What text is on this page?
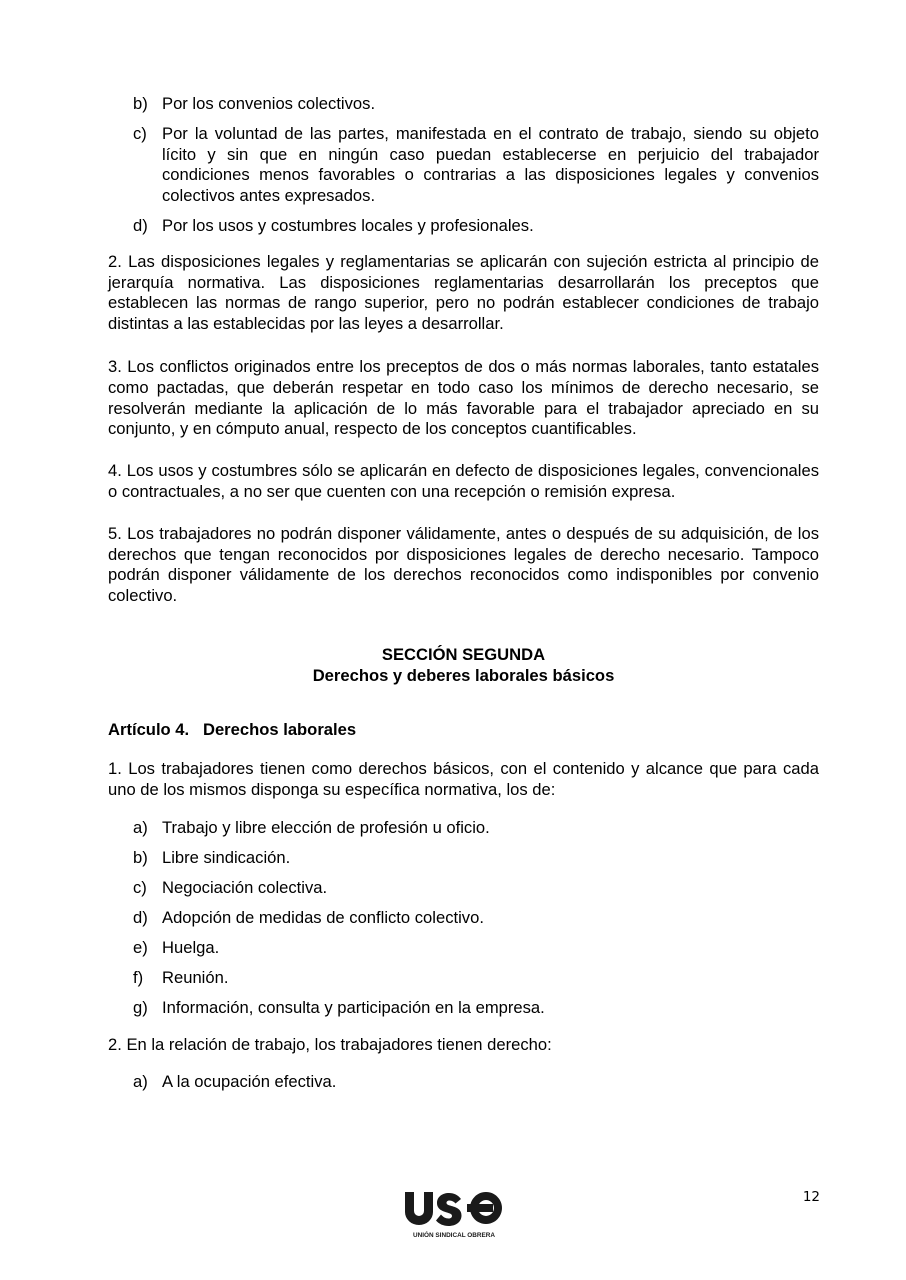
b) Por los convenios colectivos.
c) Por la voluntad de las partes, manifestada en el contrato de trabajo, siendo su objeto lícito y sin que en ningún caso puedan establecerse en perjuicio del trabajador condiciones menos favorables o contrarias a las disposiciones legales y convenios colectivos antes expresados.
d) Por los usos y costumbres locales y profesionales.

2. Las disposiciones legales y reglamentarias se aplicarán con sujeción estricta al principio de jerarquía normativa. Las disposiciones reglamentarias desarrollarán los preceptos que establecen las normas de rango superior, pero no podrán establecer condiciones de trabajo distintas a las establecidas por las leyes a desarrollar.

3. Los conflictos originados entre los preceptos de dos o más normas laborales, tanto estatales como pactadas, que deberán respetar en todo caso los mínimos de derecho necesario, se resolverán mediante la aplicación de lo más favorable para el trabajador apreciado en su conjunto, y en cómputo anual, respecto de los conceptos cuantificables.

4. Los usos y costumbres sólo se aplicarán en defecto de disposiciones legales, convencionales o contractuales, a no ser que cuenten con una recepción o remisión expresa.

5. Los trabajadores no podrán disponer válidamente, antes o después de su adquisición, de los derechos que tengan reconocidos por disposiciones legales de derecho necesario. Tampoco podrán disponer válidamente de los derechos reconocidos como indisponibles por convenio colectivo.

SECCIÓN SEGUNDA
Derechos y deberes laborales básicos
Artículo 4.   Derechos laborales

1. Los trabajadores tienen como derechos básicos, con el contenido y alcance que para cada uno de los mismos disponga su específica normativa, los de:

a) Trabajo y libre elección de profesión u oficio.
b) Libre sindicación.
c) Negociación colectiva.
d) Adopción de medidas de conflicto colectivo.
e) Huelga.
f) Reunión.
g) Información, consulta y participación en la empresa.

2. En la relación de trabajo, los trabajadores tienen derecho:

a) A la ocupación efectiva.
12
UNIÓN SINDICAL OBRERA
